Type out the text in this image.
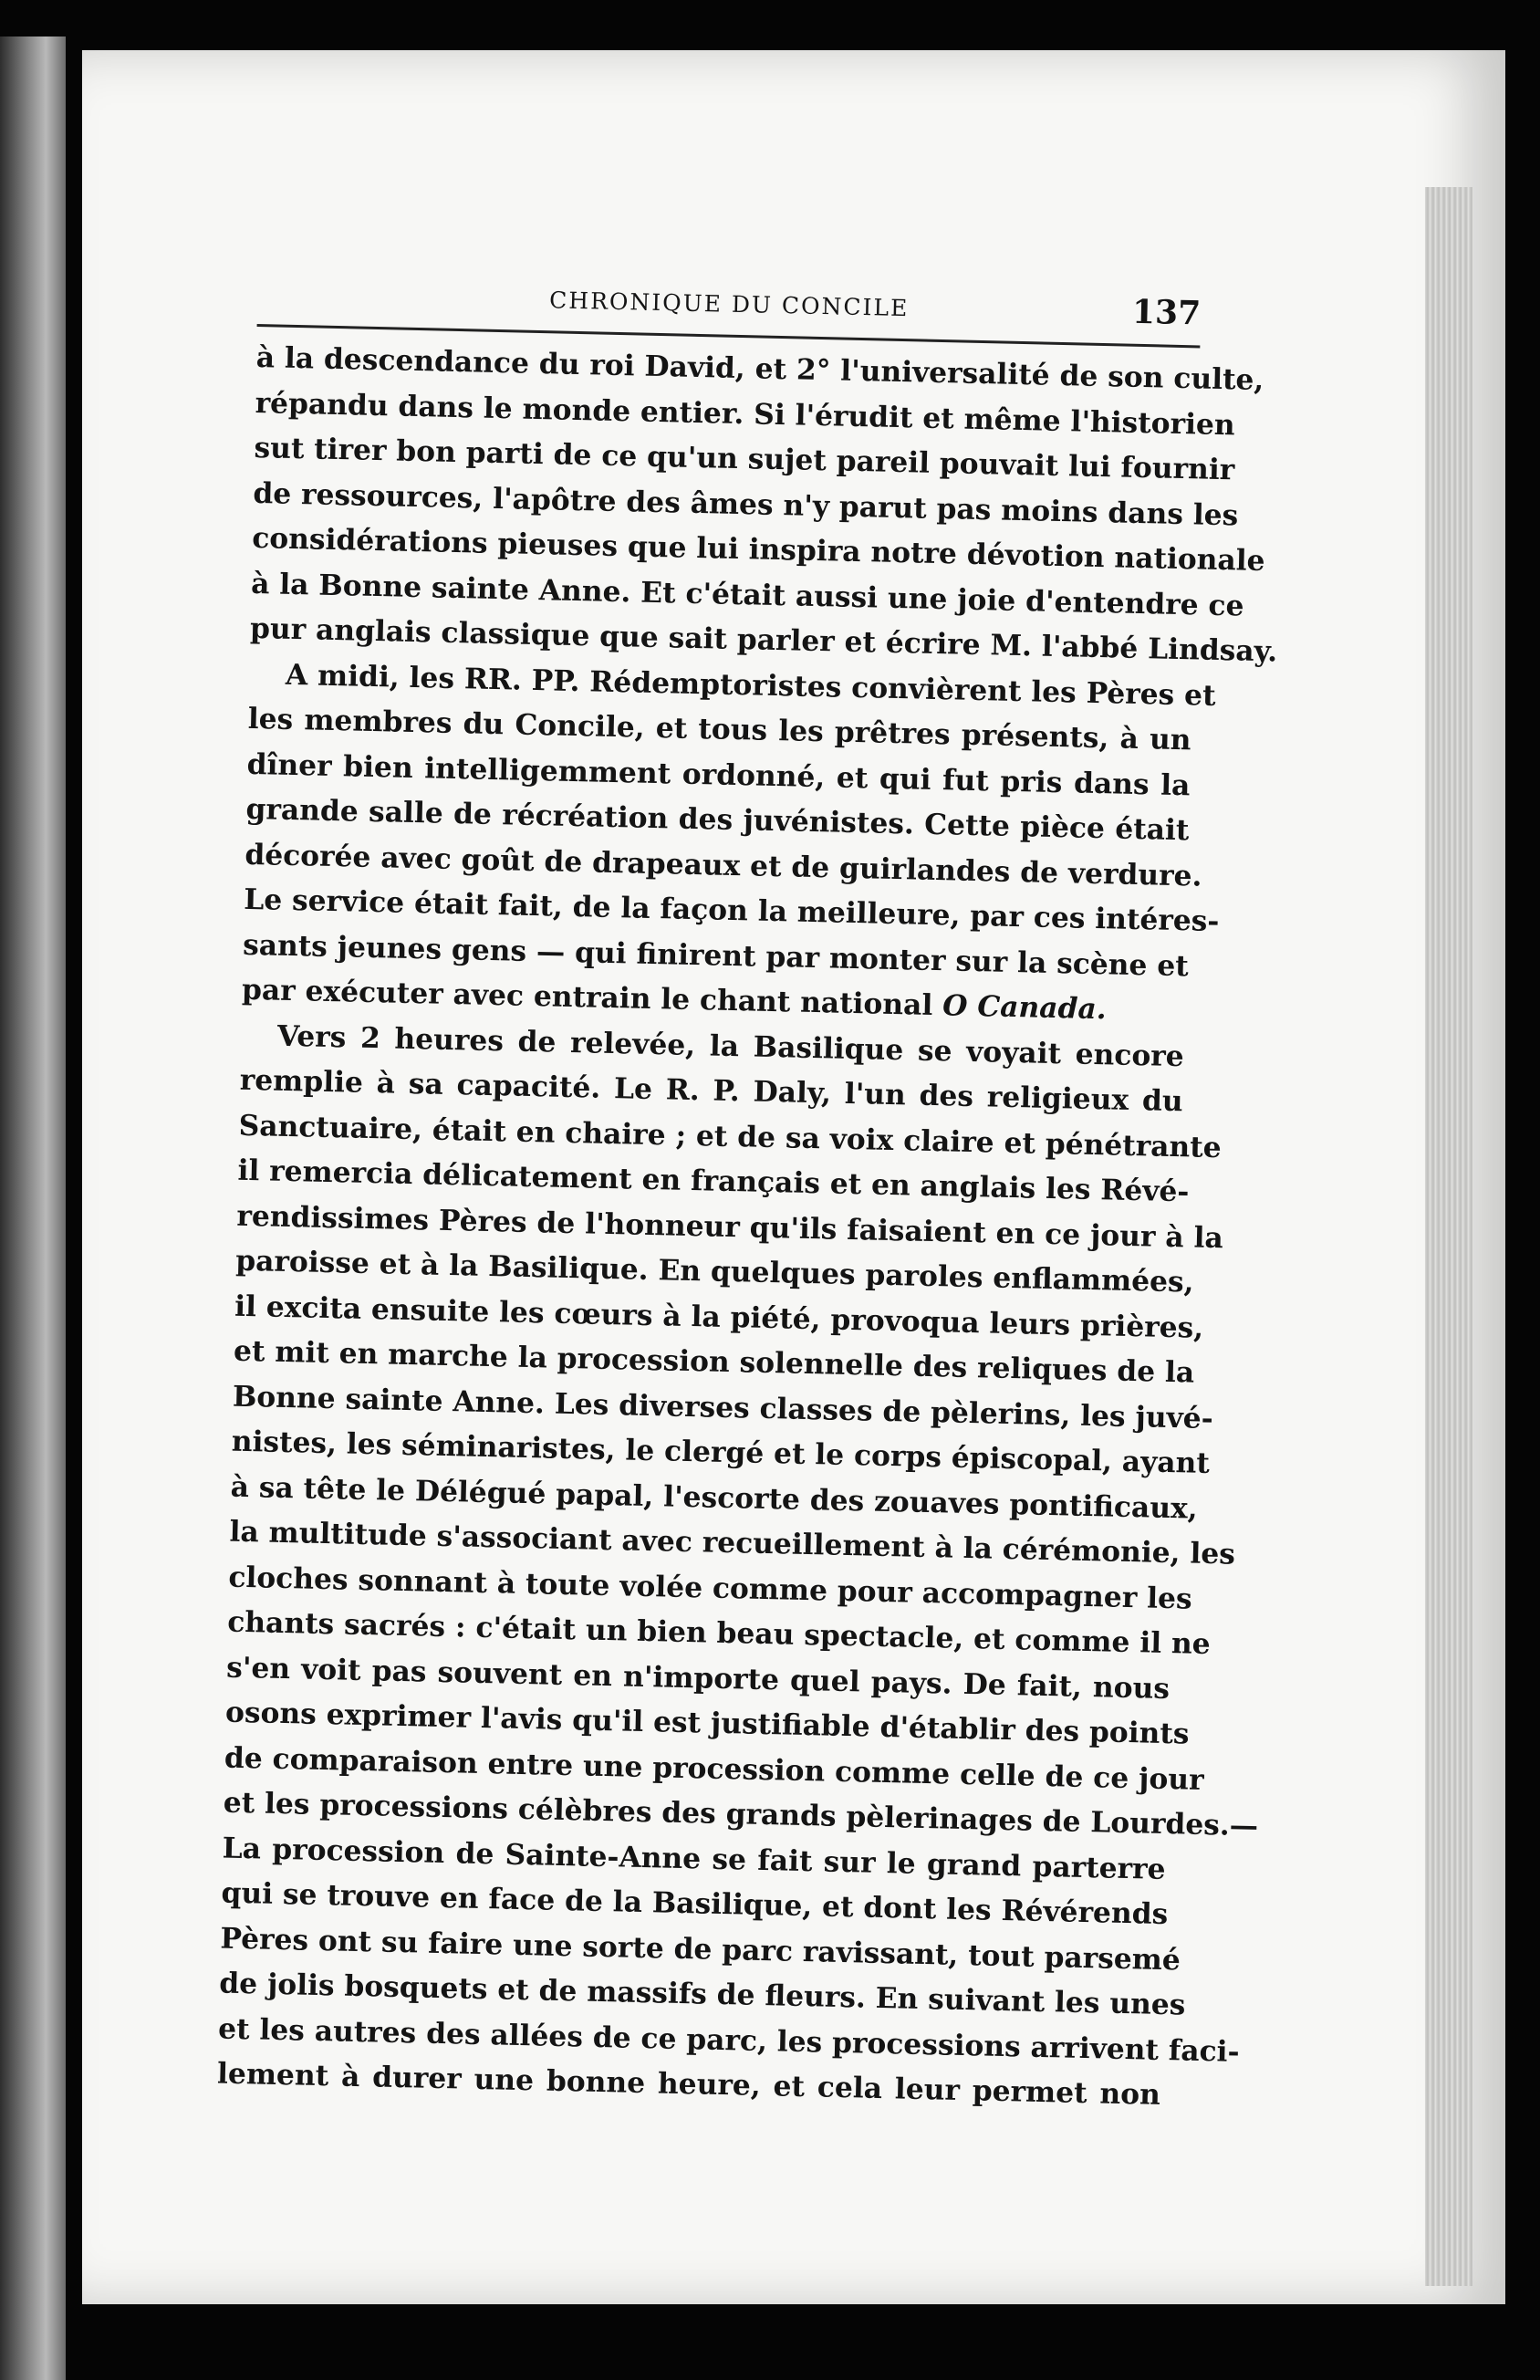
CHRONIQUE DU CONCILE	137
à la descendance du roi David, et 2° l'universalité de son culte,
répandu dans le monde entier. Si l'érudit et même l'historien
sut tirer bon parti de ce qu'un sujet pareil pouvait lui fournir
de ressources, l'apôtre des âmes n'y parut pas moins dans les
considérations pieuses que lui inspira notre dévotion nationale
à la Bonne sainte Anne. Et c'était aussi une joie d'entendre ce
pur anglais classique que sait parler et écrire M. l'abbé Lindsay.
A midi, les RR. PP. Rédemptoristes convièrent les Pères et
les membres du Concile, et tous les prêtres présents, à un
dîner bien intelligemment ordonné, et qui fut pris dans la
grande salle de récréation des juvénistes. Cette pièce était
décorée avec goût de drapeaux et de guirlandes de verdure.
Le service était fait, de la façon la meilleure, par ces intéres-
sants jeunes gens — qui finirent par monter sur la scène et
par exécuter avec entrain le chant national O Canada.
Vers 2 heures de relevée, la Basilique se voyait encore
remplie à sa capacité. Le R. P. Daly, l'un des religieux du
Sanctuaire, était en chaire ; et de sa voix claire et pénétrante
il remercia délicatement en français et en anglais les Révé-
rendissimes Pères de l'honneur qu'ils faisaient en ce jour à la
paroisse et à la Basilique. En quelques paroles enflammées,
il excita ensuite les cœurs à la piété, provoqua leurs prières,
et mit en marche la procession solennelle des reliques de la
Bonne sainte Anne. Les diverses classes de pèlerins, les juvé-
nistes, les séminaristes, le clergé et le corps épiscopal, ayant
à sa tête le Délégué papal, l'escorte des zouaves pontificaux,
la multitude s'associant avec recueillement à la cérémonie, les
cloches sonnant à toute volée comme pour accompagner les
chants sacrés : c'était un bien beau spectacle, et comme il ne
s'en voit pas souvent en n'importe quel pays. De fait, nous
osons exprimer l'avis qu'il est justifiable d'établir des points
de comparaison entre une procession comme celle de ce jour
et les processions célèbres des grands pèlerinages de Lourdes.—
La procession de Sainte-Anne se fait sur le grand parterre
qui se trouve en face de la Basilique, et dont les Révérends
Pères ont su faire une sorte de parc ravissant, tout parsemé
de jolis bosquets et de massifs de fleurs. En suivant les unes
et les autres des allées de ce parc, les processions arrivent faci-
lement à durer une bonne heure, et cela leur permet non
